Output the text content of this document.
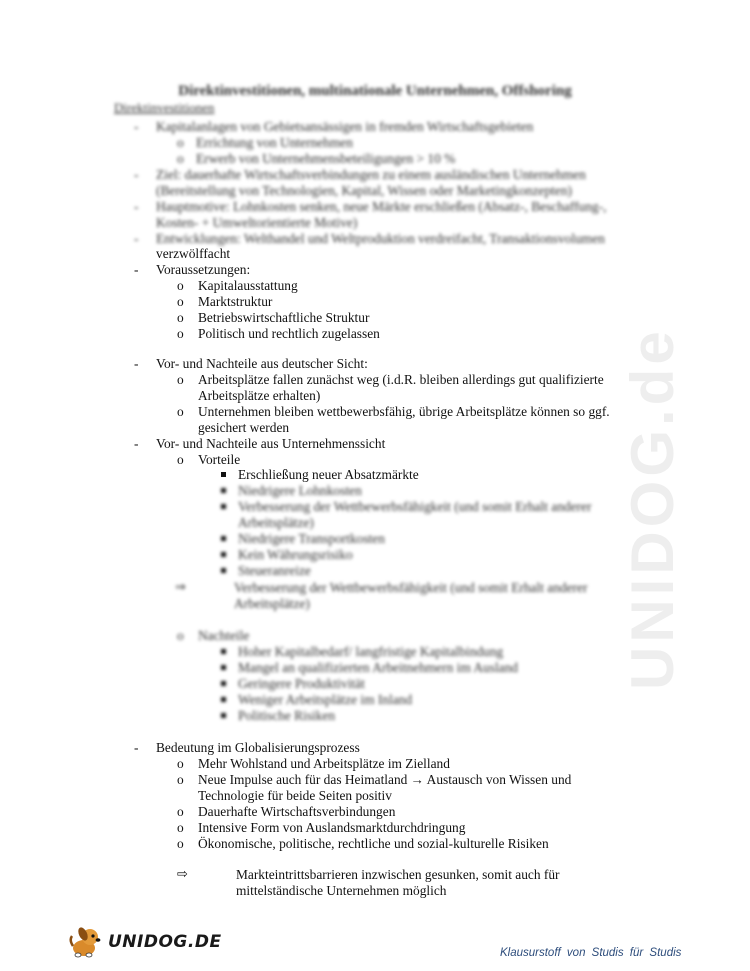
UNIDOG.de
Direktinvestitionen, multinationale Unternehmen, Offshoring
Direktinvestitionen
- Kapitalanlagen von Gebietsansässigen in fremden Wirtschaftsgebieten
o Errichtung von Unternehmen
o Erwerb von Unternehmensbeteiligungen > 10 %
- Ziel: dauerhafte Wirtschaftsverbindungen zu einem ausländischen Unternehmen
(Bereitstellung von Technologien, Kapital, Wissen oder Marketingkonzepten)
- Hauptmotive: Lohnkosten senken, neue Märkte erschließen (Absatz-, Beschaffung-,
Kosten- + Umweltorientierte Motive)
- Entwicklungen: Welthandel und Weltproduktion verdreifacht, Transaktionsvolumen
verzwölffacht
- Voraussetzungen:
o Kapitalausstattung
o Marktstruktur
o Betriebswirtschaftliche Struktur
o Politisch und rechtlich zugelassen
- Vor- und Nachteile aus deutscher Sicht:
o Arbeitsplätze fallen zunächst weg (i.d.R. bleiben allerdings gut qualifizierte
Arbeitsplätze erhalten)
o Unternehmen bleiben wettbewerbsfähig, übrige Arbeitsplätze können so ggf.
gesichert werden
- Vor- und Nachteile aus Unternehmenssicht
o Vorteile
Erschließung neuer Absatzmärkte
Niedrigere Lohnkosten
Verbesserung der Wettbewerbsfähigkeit (und somit Erhalt anderer
Arbeitsplätze)
Niedrigere Transportkosten
Kein Währungsrisiko
Steueranreize
⇒	Verbesserung der Wettbewerbsfähigkeit (und somit Erhalt anderer
Arbeitsplätze)
o Nachteile
Hoher Kapitalbedarf/ langfristige Kapitalbindung
Mangel an qualifizierten Arbeitnehmern im Ausland
Geringere Produktivität
Weniger Arbeitsplätze im Inland
Politische Risiken
- Bedeutung im Globalisierungsprozess
o Mehr Wohlstand und Arbeitsplätze im Zielland
o Neue Impulse auch für das Heimatland → Austausch von Wissen und
Technologie für beide Seiten positiv
o Dauerhafte Wirtschaftsverbindungen
o Intensive Form von Auslandsmarktdurchdringung
o Ökonomische, politische, rechtliche und sozial-kulturelle Risiken
⇨	Markteintrittsbarrieren inzwischen gesunken, somit auch für
mittelständische Unternehmen möglich
UNIDOG.DE
Klausurstoff von Studis für Studis
